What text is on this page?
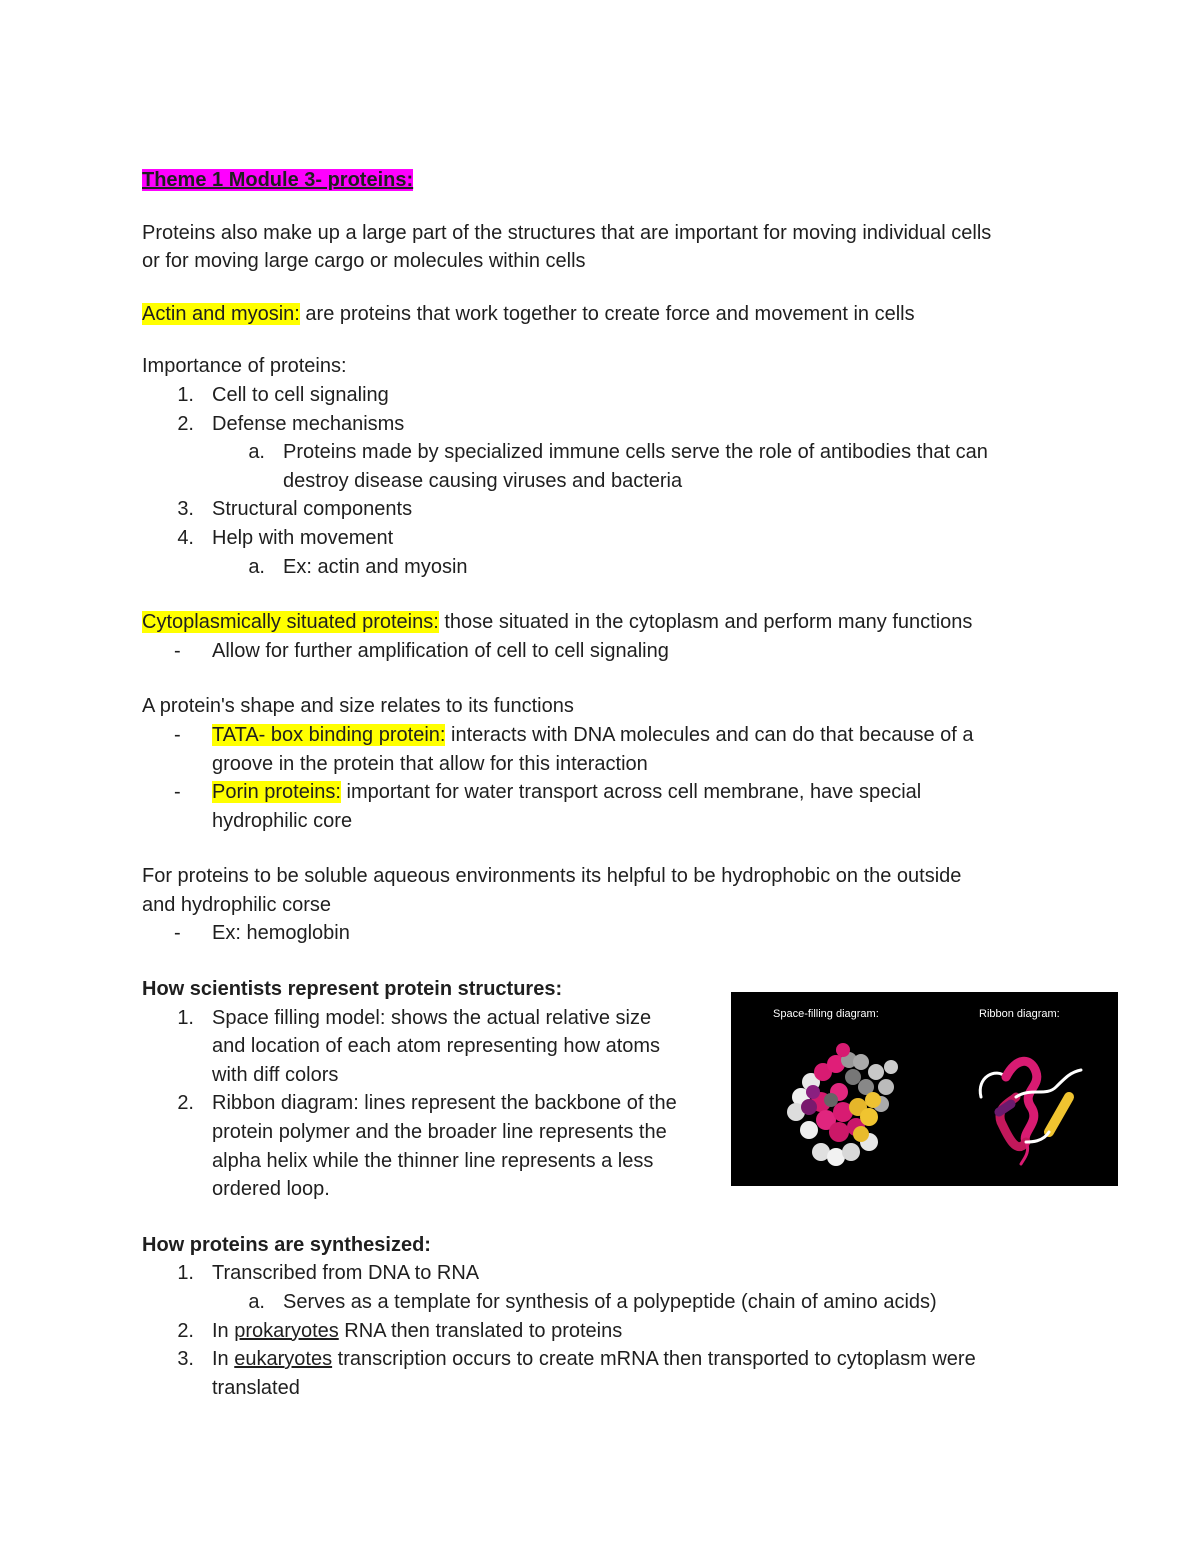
Theme 1 Module 3- proteins:

Proteins also make up a large part of the structures that are important for moving individual cells

or for moving large cargo or molecules within cells

Actin and myosin: are proteins that work together to create force and movement in cells

Importance of proteins:

1. Cell to cell signaling
2. Defense mechanisms
a. Proteins made by specialized immune cells serve the role of antibodies that can
destroy disease causing viruses and bacteria
3. Structural components
4. Help with movement
a. Ex: actin and myosin

Cytoplasmically situated proteins: those situated in the cytoplasm and perform many functions

-	Allow for further amplification of cell to cell signaling

A protein's shape and size relates to its functions

-	TATA- box binding protein: interacts with DNA molecules and can do that because of a
groove in the protein that allow for this interaction
-	Porin proteins: important for water transport across cell membrane, have special
hydrophilic core

For proteins to be soluble aqueous environments its helpful to be hydrophobic on the outside

and hydrophilic corse

-	Ex: hemoglobin

How scientists represent protein structures:

1. Space filling model: shows the actual relative size
and location of each atom representing how atoms
with diff colors
2. Ribbon diagram: lines represent the backbone of the
protein polymer and the broader line represents the
alpha helix while the thinner line represents a less
ordered loop.

How proteins are synthesized:

1. Transcribed from DNA to RNA
a. Serves as a template for synthesis of a polypeptide (chain of amino acids)
2. In prokaryotes RNA then translated to proteins
3. In eukaryotes transcription occurs to create mRNA then transported to cytoplasm were
translated
Space-filling diagram:	Ribbon diagram:
